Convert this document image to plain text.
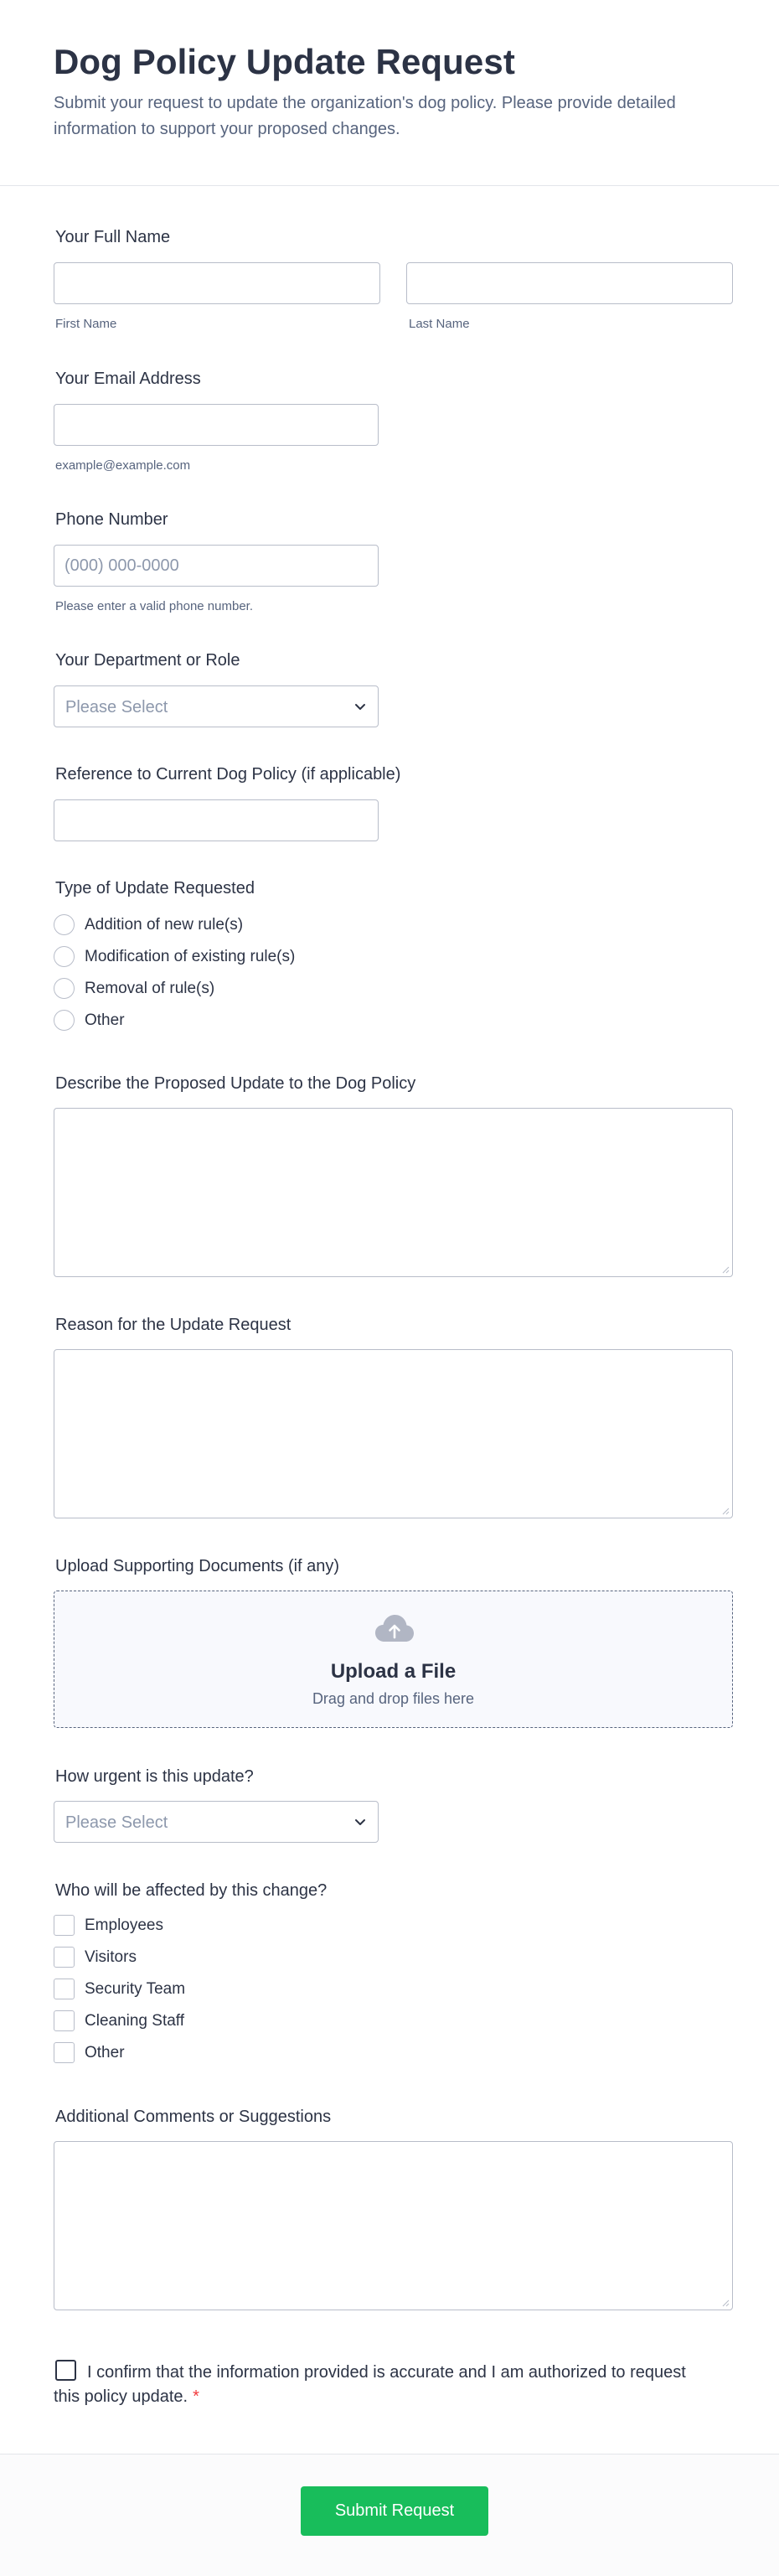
Dog Policy Update Request

Submit your request to update the organization's dog policy. Please provide detailed information to support your proposed changes.

Your Full Name
First Name	Last Name
Your Email Address
example@example.com
Phone Number
(000) 000-0000
Please enter a valid phone number.
Your Department or Role
Please Select
Reference to Current Dog Policy (if applicable)
Type of Update Requested
Addition of new rule(s)
Modification of existing rule(s)
Removal of rule(s)
Other
Describe the Proposed Update to the Dog Policy
Reason for the Update Request
Upload Supporting Documents (if any)
Upload a File
Drag and drop files here
How urgent is this update?
Please Select
Who will be affected by this change?
Employees
Visitors
Security Team
Cleaning Staff
Other
Additional Comments or Suggestions
I confirm that the information provided is accurate and I am authorized to request this policy update. *
Submit Request
